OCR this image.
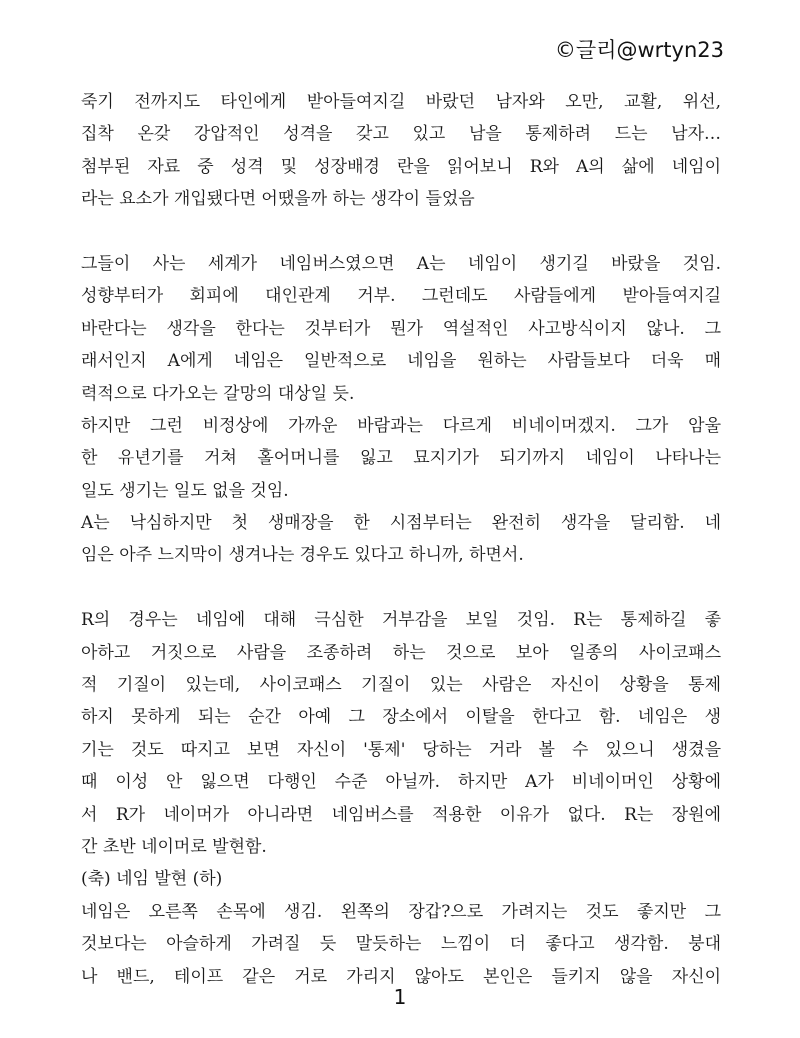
©글리@wrtyn23
죽기 전까지도 타인에게 받아들여지길 바랐던 남자와 오만, 교활, 위선,
집착 온갖 강압적인 성격을 갖고 있고 남을 통제하려 드는 남자…
첨부된 자료 중 성격 및 성장배경 란을 읽어보니 R와 A의 삶에 네임이
라는 요소가 개입됐다면 어땠을까 하는 생각이 들었음
그들이 사는 세계가 네임버스였으면 A는 네임이 생기길 바랐을 것임.
성향부터가 회피에 대인관계 거부. 그런데도 사람들에게 받아들여지길
바란다는 생각을 한다는 것부터가 뭔가 역설적인 사고방식이지 않나. 그
래서인지 A에게 네임은 일반적으로 네임을 원하는 사람들보다 더욱 매
력적으로 다가오는 갈망의 대상일 듯.
하지만 그런 비정상에 가까운 바람과는 다르게 비네이머겠지. 그가 암울
한 유년기를 거쳐 홀어머니를 잃고 묘지기가 되기까지 네임이 나타나는
일도 생기는 일도 없을 것임.
A는 낙심하지만 첫 생매장을 한 시점부터는 완전히 생각을 달리함. 네
임은 아주 느지막이 생겨나는 경우도 있다고 하니까, 하면서.
R의 경우는 네임에 대해 극심한 거부감을 보일 것임. R는 통제하길 좋
아하고 거짓으로 사람을 조종하려 하는 것으로 보아 일종의 사이코패스
적 기질이 있는데, 사이코패스 기질이 있는 사람은 자신이 상황을 통제
하지 못하게 되는 순간 아예 그 장소에서 이탈을 한다고 함. 네임은 생
기는 것도 따지고 보면 자신이 '통제' 당하는 거라 볼 수 있으니 생겼을
때 이성 안 잃으면 다행인 수준 아닐까. 하지만 A가 비네이머인 상황에
서 R가 네이머가 아니라면 네임버스를 적용한 이유가 없다. R는 장원에
간 초반 네이머로 발현함.
(축) 네임 발현 (하)
네임은 오른쪽 손목에 생김. 왼쪽의 장갑?으로 가려지는 것도 좋지만 그
것보다는 아슬하게 가려질 듯 말듯하는 느낌이 더 좋다고 생각함. 붕대
나 밴드, 테이프 같은 거로 가리지 않아도 본인은 들키지 않을 자신이
1
